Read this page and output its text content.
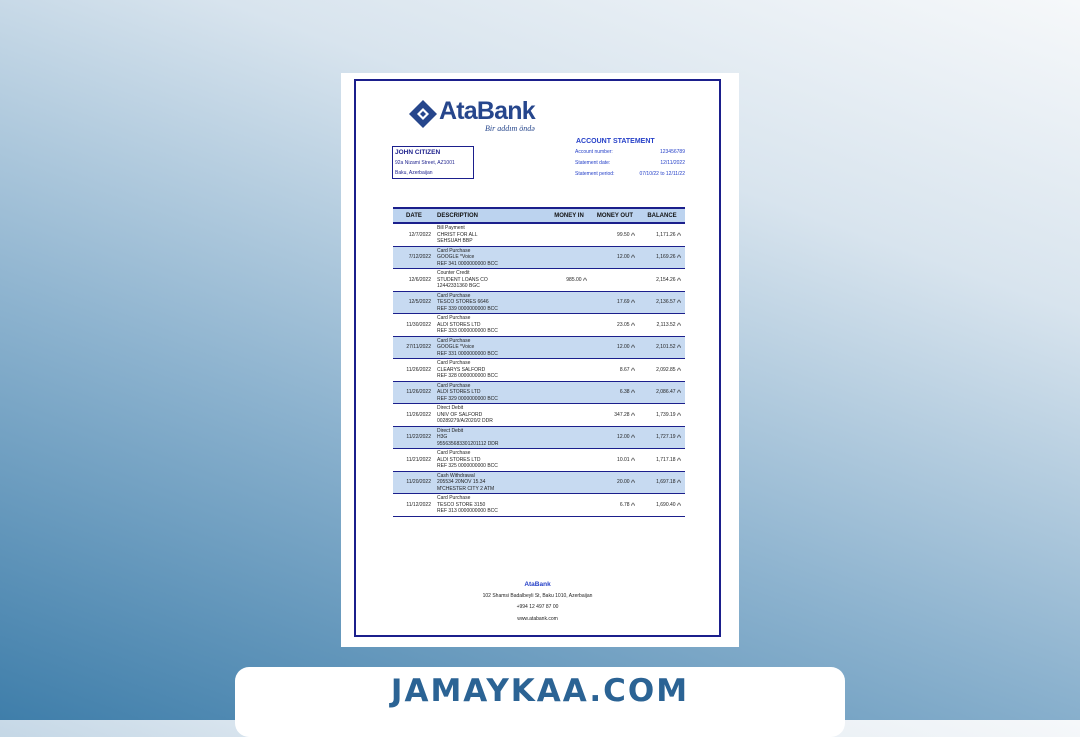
AtaBank
Bir addım öndə
ACCOUNT STATEMENT
Account number:	123456789
Statement date:	12/11/2022
Statement period:	07/10/22 to 12/11/22
JOHN CITIZEN
92a Nizami Street, AZ1001
Baku, Azerbaijan
DATE	DESCRIPTION	MONEY IN	MONEY OUT	BALANCE
12/7/2022	Bill Payment
CHRIST FOR ALL
SEHSUAH BBP		99.50 ₼	1,171.26 ₼
7/12/2022	Card Purchase
GOOGLE *Voice
REF 341 0000000000 BCC		12.00 ₼	1,169.26 ₼
12/6/2022	Counter Credit
STUDENT LOANS CO
12442331360 BGC	985.00 ₼		2,154.26 ₼
12/5/2022	Card Purchase
TESCO STORES 6646
REF 339 0000000000 BCC		17.69 ₼	2,136.57 ₼
11/30/2022	Card Purchase
ALDI STORES LTD
REF 333 0000000000 BCC		23.05 ₼	2,113.52 ₼
27/11/2022	Card Purchase
GOOGLE *Voice
REF 331 0000000000 BCC		12.00 ₼	2,101.52 ₼
11/26/2022	Card Purchase
CLEARYS SALFORD
REF 328 0000000000 BCC		8.67 ₼	2,092.85 ₼
11/26/2022	Card Purchase
ALDI STORES LTD
REF 329 0000000000 BCC		6.38 ₼	2,086.47 ₼
11/26/2022	Direct Debit
UNIV OF SALFORD
00289279/A/2020/2 DDR		347.28 ₼	1,739.19 ₼
11/22/2022	Direct Debit
H3G
955635683301201112 DDR		12.00 ₼	1,727.19 ₼
11/21/2022	Card Purchase
ALDI STORES LTD
REF 325 0000000000 BCC		10.01 ₼	1,717.18 ₼
11/20/2022	Cash Withdrawal
205534 20NOV 15.34
M'CHESTER CITY 2 ATM		20.00 ₼	1,697.18 ₼
11/12/2022	Card Purchase
TESCO STORE 3150
REF 313 0000000000 BCC		6.78 ₼	1,690.40 ₼
AtaBank
102 Shamsi Badalbeyli St, Baku 1010, Azerbaijan
+994 12 497 87 00
www.atabank.com
JAMAYKAA.COM
